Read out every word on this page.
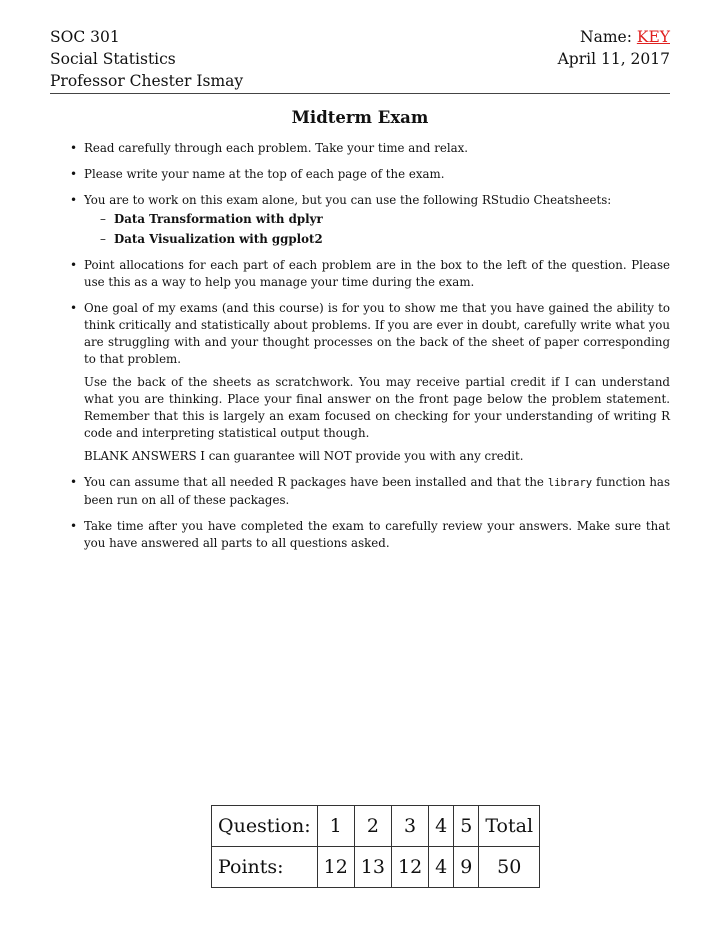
SOC 301	Name: KEY
Social Statistics	April 11, 2017
Professor Chester Ismay
Midterm Exam
• Read carefully through each problem. Take your time and relax.
• Please write your name at the top of each page of the exam.
• You are to work on this exam alone, but you can use the following RStudio Cheatsheets:
– Data Transformation with dplyr
– Data Visualization with ggplot2
• Point allocations for each part of each problem are in the box to the left of the question. Please use this as a way to help you manage your time during the exam.
• One goal of my exams (and this course) is for you to show me that you have gained the ability to think critically and statistically about problems. If you are ever in doubt, carefully write what you are struggling with and your thought processes on the back of the sheet of paper corresponding to that problem.

Use the back of the sheets as scratchwork. You may receive partial credit if I can understand what you are thinking. Place your final answer on the front page below the problem statement. Remember that this is largely an exam focused on checking for your understanding of writing R code and interpreting statistical output though.

BLANK ANSWERS I can guarantee will NOT provide you with any credit.

• You can assume that all needed R packages have been installed and that the library function has been run on all of these packages.
• Take time after you have completed the exam to carefully review your answers. Make sure that you have answered all parts to all questions asked.
Question:	1	2	3	4	5	Total
Points:	12	13	12	4	9	50
